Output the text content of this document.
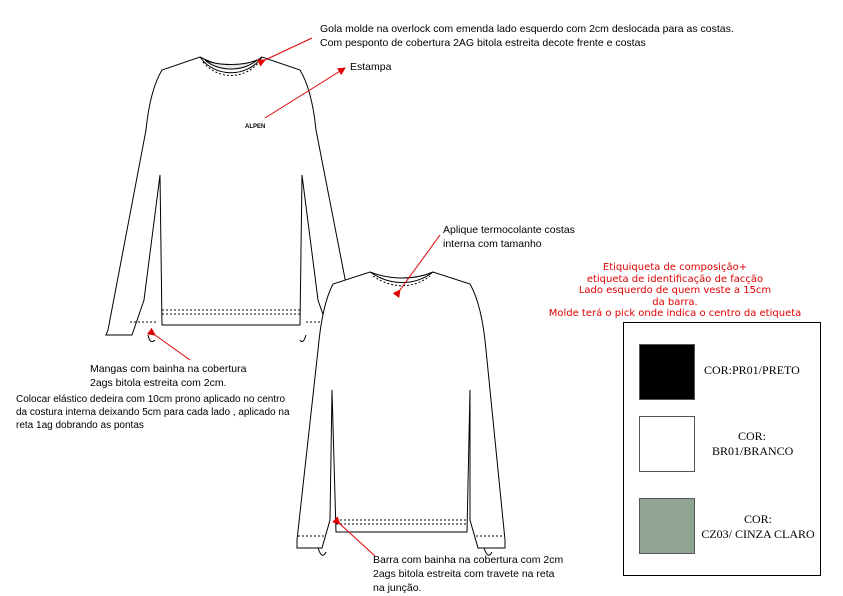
ALPEN
Gola molde na overlock com emenda lado esquerdo com 2cm deslocada para as costas.
Com pesponto de cobertura 2AG bitola estreita decote frente e costas
Estampa
Aplique termocolante costas
interna com tamanho
Mangas com bainha na cobertura
2ags bitola estreita com 2cm.
Colocar elástico dedeira com 10cm prono aplicado no centro
da costura interna deixando 5cm para cada lado , aplicado na
reta 1ag dobrando as pontas
Barra com bainha na cobertura com 2cm
2ags bitola estreita com travete na reta
na junção.
Etiquiqueta de composição+
etiqueta de identificação de facção
Lado esquerdo de quem veste a 15cm
da barra.
Molde terá o pick onde indica o centro da etiqueta
COR:PR01/PRETO
COR:
BR01/BRANCO
COR:
CZ03/ CINZA CLARO
